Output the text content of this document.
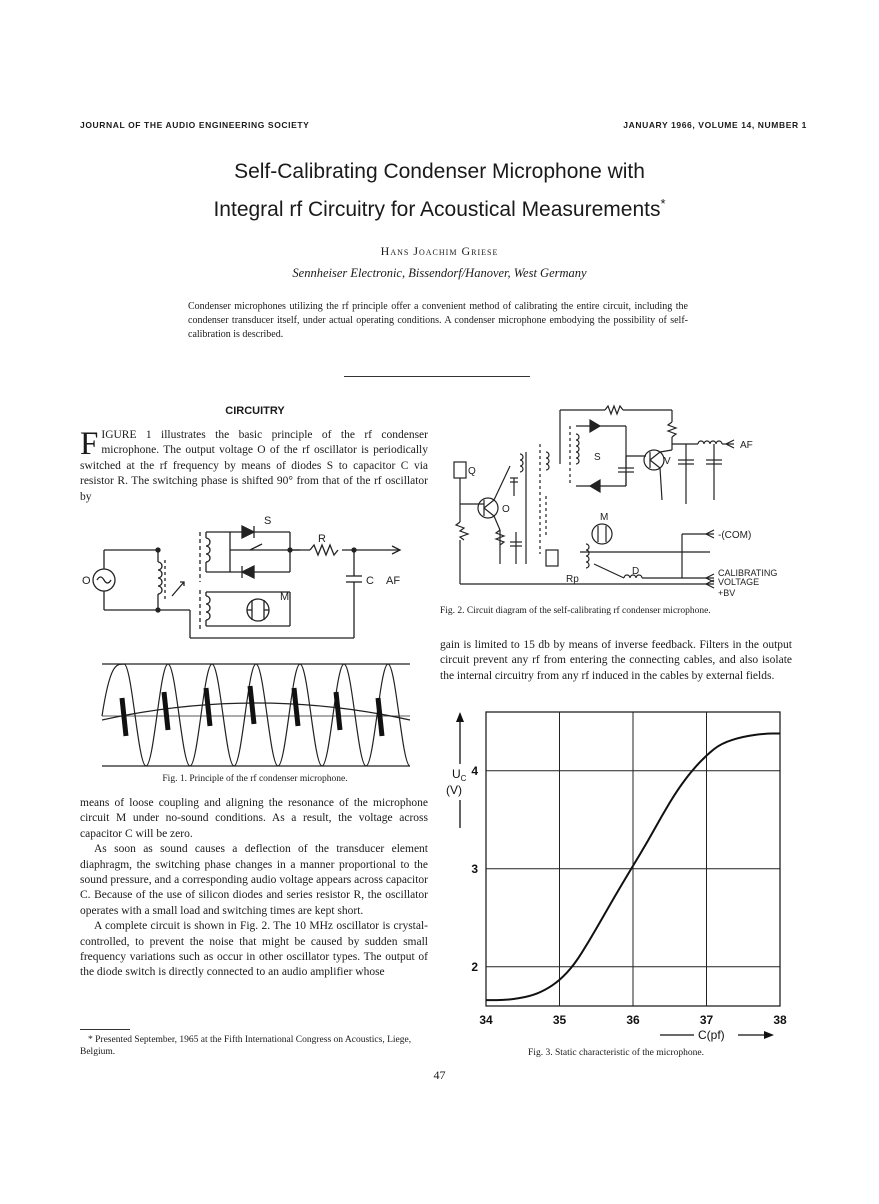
JOURNAL OF THE AUDIO ENGINEERING SOCIETY	JANUARY 1966, VOLUME 14, NUMBER 1
Self-Calibrating Condenser Microphone with
Integral rf Circuitry for Acoustical Measurements*
Hans Joachim Griese
Sennheiser Electronic, Bissendorf/Hanover, West Germany
Condenser microphones utilizing the rf principle offer a convenient method of calibrating the entire circuit, including the condenser transducer itself, under actual operating conditions. A condenser microphone embodying the possibility of self-calibration is described.
CIRCUITRY

FIGURE 1 illustrates the basic principle of the rf condenser microphone. The output voltage O of the rf oscillator is periodically switched at the rf frequency by means of diodes S to capacitor C via resistor R. The switching phase is shifted 90° from that of the rf oscillator by

S
R
M
C AF
O
Fig. 1. Principle of the rf condenser microphone.

means of loose coupling and aligning the resonance of the microphone circuit M under no-sound conditions. As a result, the voltage across capacitor C will be zero.

As soon as sound causes a deflection of the transducer element diaphragm, the switching phase changes in a manner proportional to the sound pressure, and a corresponding audio voltage appears across capacitor C. Because of the use of silicon diodes and series resistor R, the oscillator operates with a small load and switching times are kept short.

A complete circuit is shown in Fig. 2. The 10 MHz oscillator is crystal-controlled, to prevent the noise that might be caused by sudden small frequency variations such as occur in other oscillator types. The output of the diode switch is directly connected to an audio amplifier whose

* Presented September, 1965 at the Fifth International Congress on Acoustics, Liege, Belgium.
Q
O
S	V
AF
M
-(COM)
Rp
D	CALIBRATING
VOLTAGE
+BV
Fig. 2. Circuit diagram of the self-calibrating rf condenser microphone.

gain is limited to 15 db by means of inverse feedback. Filters in the output circuit prevent any rf from entering the connecting cables, and also isolate the internal circuitry from any rf induced in the cables by external fields.

34	35	36	37	38
2
3
4
$U_C$
(V)
C(pf)
Fig. 3. Static characteristic of the microphone.
47
